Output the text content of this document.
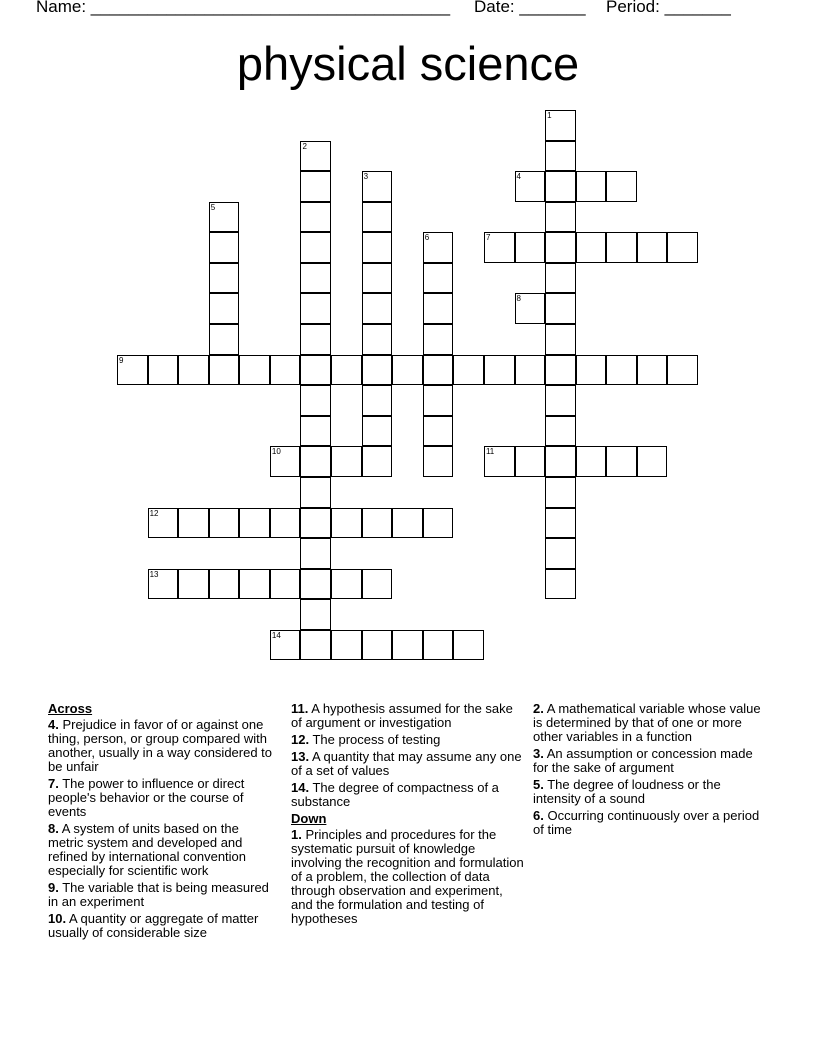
Name: ______________________________________ Date: _______ Period: _______
physical science
1
2
3	4
5
6	7
8
9
10	11
12
13
14
Across
4. Prejudice in favor of or against one thing, person, or group compared with another, usually in a way considered to be unfair
7. The power to influence or direct people's behavior or the course of events
8. A system of units based on the metric system and developed and refined by international convention especially for scientific work
9. The variable that is being measured in an experiment
10. A quantity or aggregate of matter usually of considerable size
11. A hypothesis assumed for the sake of argument or investigation
12. The process of testing
13. A quantity that may assume any one of a set of values
14. The degree of compactness of a substance
Down
1. Principles and procedures for the systematic pursuit of knowledge involving the recognition and formulation of a problem, the collection of data through observation and experiment, and the formulation and testing of hypotheses
2. A mathematical variable whose value is determined by that of one or more other variables in a function
3. An assumption or concession made for the sake of argument
5. The degree of loudness or the intensity of a sound
6. Occurring continuously over a period of time
